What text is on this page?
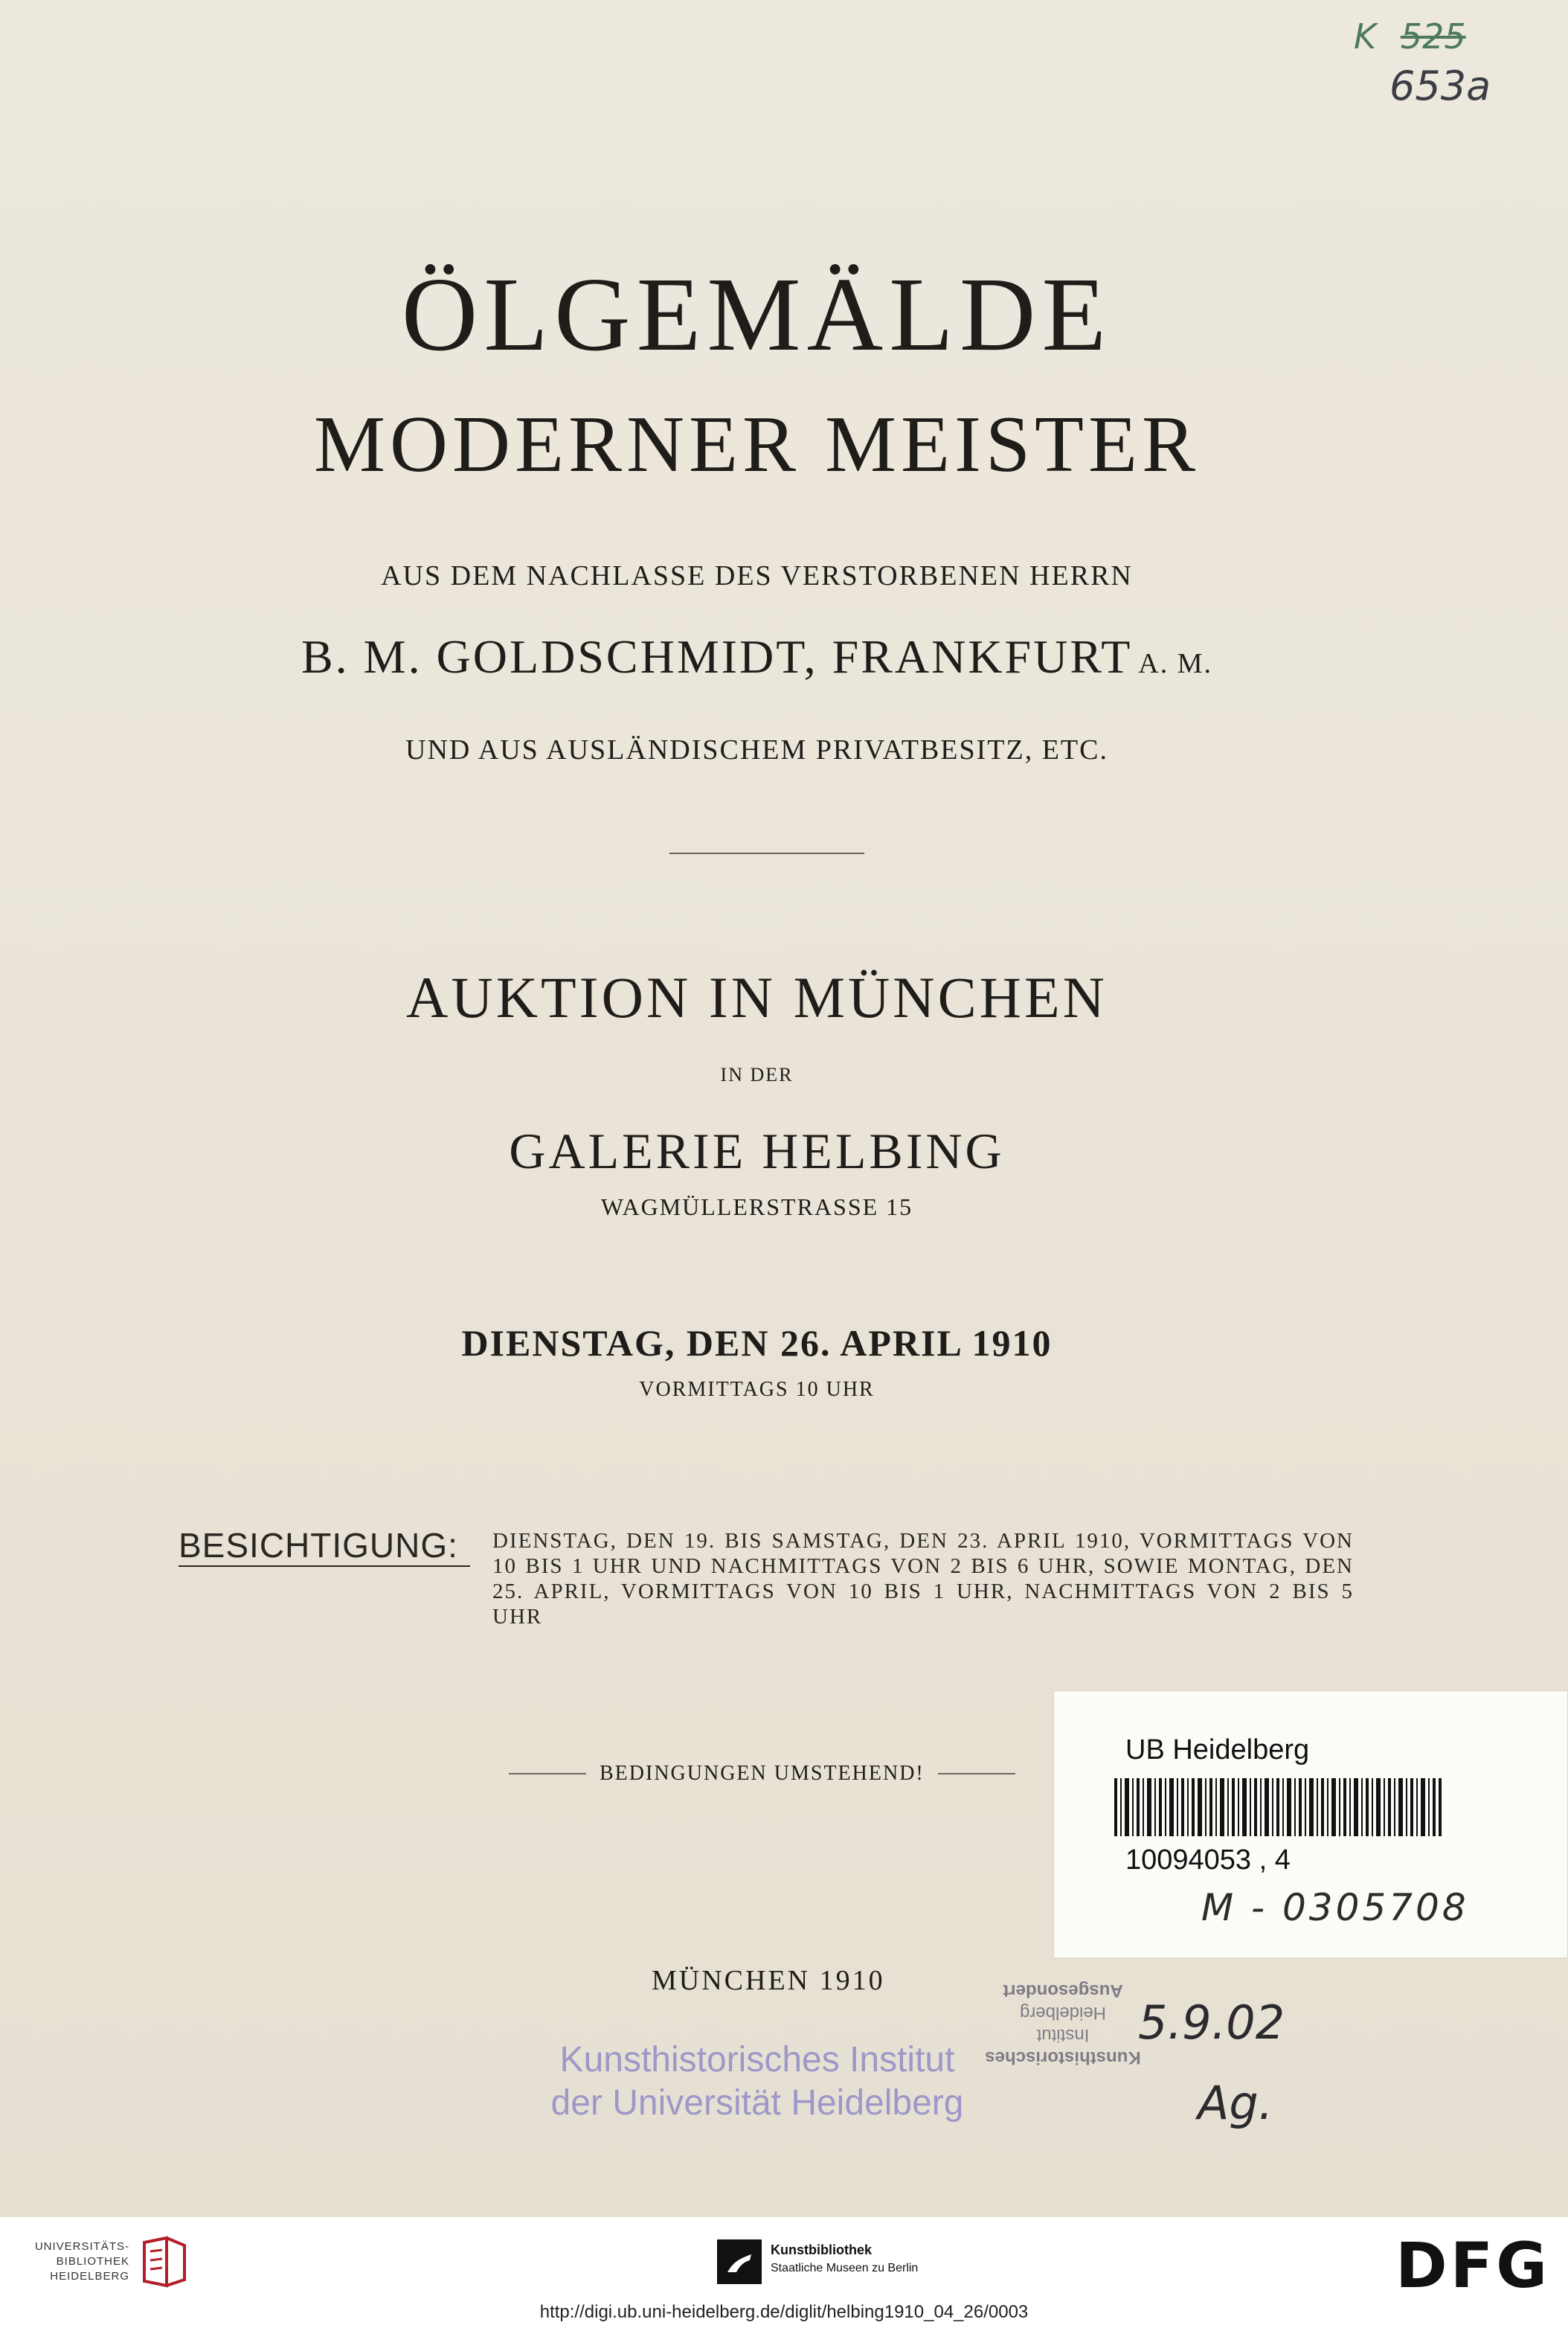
K 525
653a
ÖLGEMÄLDE
MODERNER MEISTER
AUS DEM NACHLASSE DES VERSTORBENEN HERRN
B. M. GOLDSCHMIDT, FRANKFURT A. M.
UND AUS AUSLÄNDISCHEM PRIVATBESITZ, ETC.
AUKTION IN MÜNCHEN
IN DER
GALERIE HELBING
WAGMÜLLERSTRASSE 15
DIENSTAG, DEN 26. APRIL 1910
VORMITTAGS 10 UHR
BESICHTIGUNG: DIENSTAG, DEN 19. BIS SAMSTAG, DEN 23. APRIL 1910, VORMITTAGS VON 10 BIS 1 UHR UND NACHMITTAGS VON 2 BIS 6 UHR, SOWIE MONTAG, DEN 25. APRIL, VORMITTAGS VON 10 BIS 1 UHR, NACHMITTAGS VON 2 BIS 5 UHR
BEDINGUNGEN UMSTEHEND!
MÜNCHEN 1910
UB Heidelberg
10094053 , 4
M - 0305708
Kunsthistorisches Institut
der Universität Heidelberg
Kunsthistorisches
Institut
Heidelberg
Ausgesondert
5.9.02
Ag.
UNIVERSITÄTS-
BIBLIOTHEK
HEIDELBERG
Kunstbibliothek
Staatliche Museen zu Berlin	DFG
http://digi.ub.uni-heidelberg.de/diglit/helbing1910_04_26/0003
